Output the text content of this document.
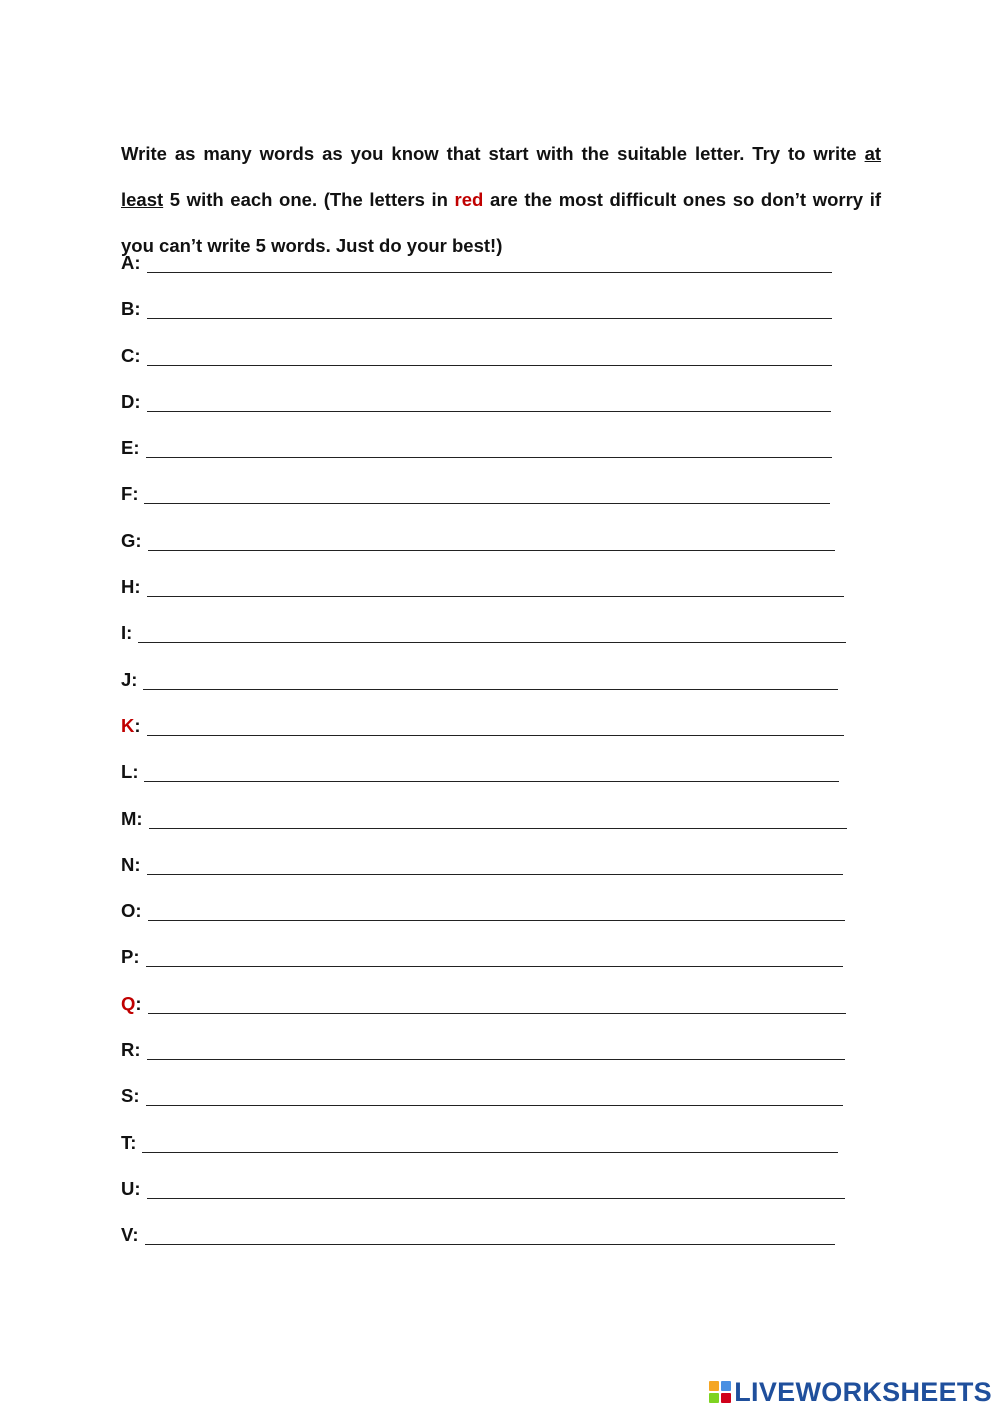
Write as many words as you know that start with the suitable letter. Try to write at least 5 with each one. (The letters in red are the most difficult ones so don’t worry if you can’t write 5 words. Just do your best!)

A:
B:
C:
D:
E:
F:
G:
H:
I:
J:
K:
L:
M:
N:
O:
P:
Q:
R:
S:
T:
U:
V:
LIVEWORKSHEETS
